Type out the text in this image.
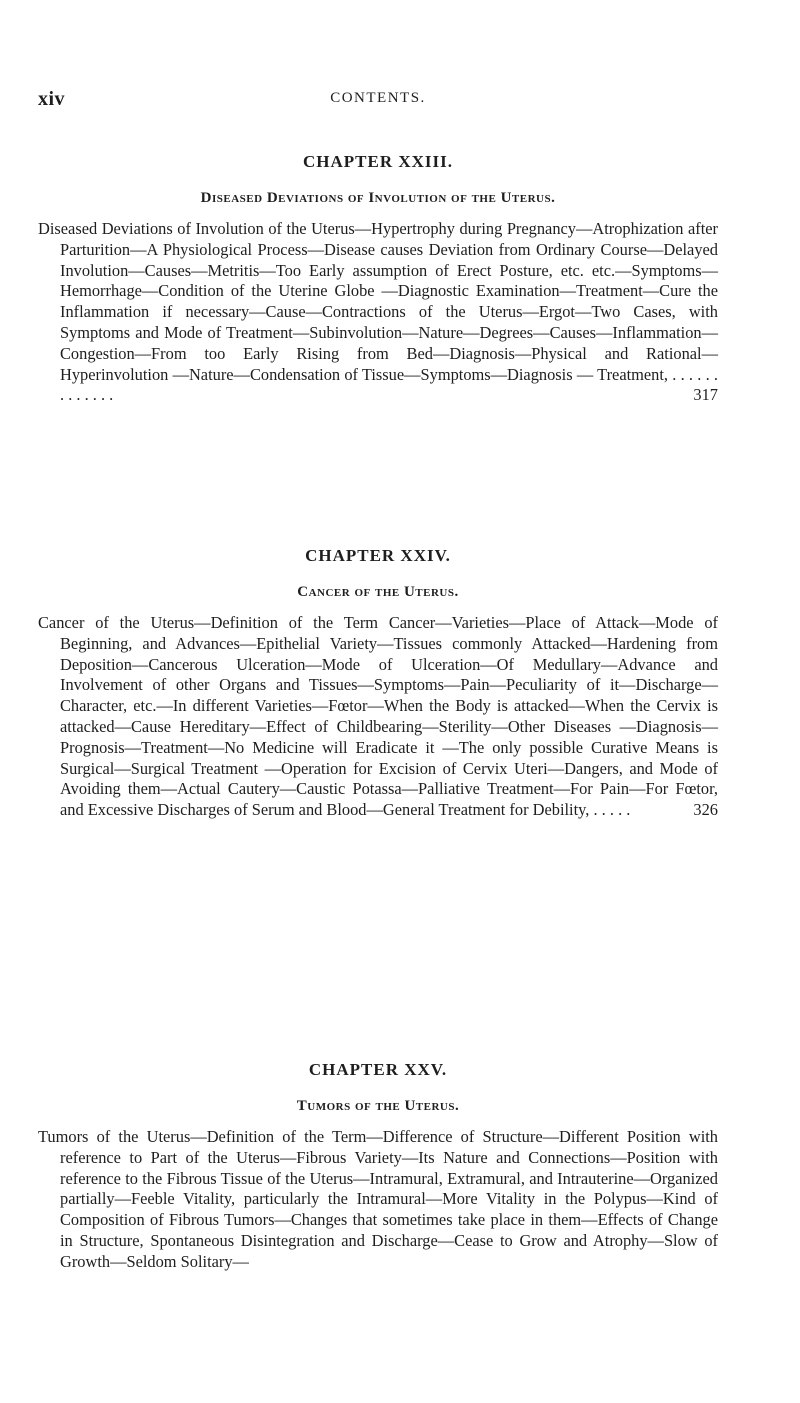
xiv	CONTENTS.
CHAPTER XXIII.
Diseased Deviations of Involution of the Uterus.

Diseased Deviations of Involution of the Uterus—Hypertrophy during Pregnancy—Atrophization after Parturition—A Physiological Process—Disease causes Deviation from Ordinary Course—Delayed Involution—Causes—Metritis—Too Early assumption of Erect Posture, etc. etc.—Symptoms—Hemorrhage—Condition of the Uterine Globe —Diagnostic Examination—Treatment—Cure the Inflammation if necessary—Cause—Contractions of the Uterus—Ergot—Two Cases, with Symptoms and Mode of Treatment—Subinvolution—Nature—Degrees—Causes—Inflammation—Congestion—From too Early Rising from Bed—Diagnosis—Physical and Rational—Hyperinvolution —Nature—Condensation of Tissue—Symptoms—Diagnosis — Treatment, . . . . . . . . . . . . .	317

CHAPTER XXIV.
Cancer of the Uterus.

Cancer of the Uterus—Definition of the Term Cancer—Varieties—Place of Attack—Mode of Beginning, and Advances—Epithelial Variety—Tissues commonly Attacked—Hardening from Deposition—Cancerous Ulceration—Mode of Ulceration—Of Medullary—Advance and Involvement of other Organs and Tissues—Symptoms—Pain—Peculiarity of it—Discharge—Character, etc.—In different Varieties—Fœtor—When the Body is attacked—When the Cervix is attacked—Cause Hereditary—Effect of Childbearing—Sterility—Other Diseases —Diagnosis—Prognosis—Treatment—No Medicine will Eradicate it —The only possible Curative Means is Surgical—Surgical Treatment —Operation for Excision of Cervix Uteri—Dangers, and Mode of Avoiding them—Actual Cautery—Caustic Potassa—Palliative Treatment—For Pain—For Fœtor, and Excessive Discharges of Serum and Blood—General Treatment for Debility, . . . . .	326

CHAPTER XXV.
Tumors of the Uterus.

Tumors of the Uterus—Definition of the Term—Difference of Structure—Different Position with reference to Part of the Uterus—Fibrous Variety—Its Nature and Connections—Position with reference to the Fibrous Tissue of the Uterus—Intramural, Extramural, and Intrauterine—Organized partially—Feeble Vitality, particularly the Intramural—More Vitality in the Polypus—Kind of Composition of Fibrous Tumors—Changes that sometimes take place in them—Effects of Change in Structure, Spontaneous Disintegration and Discharge—Cease to Grow and Atrophy—Slow of Growth—Seldom Solitary—
